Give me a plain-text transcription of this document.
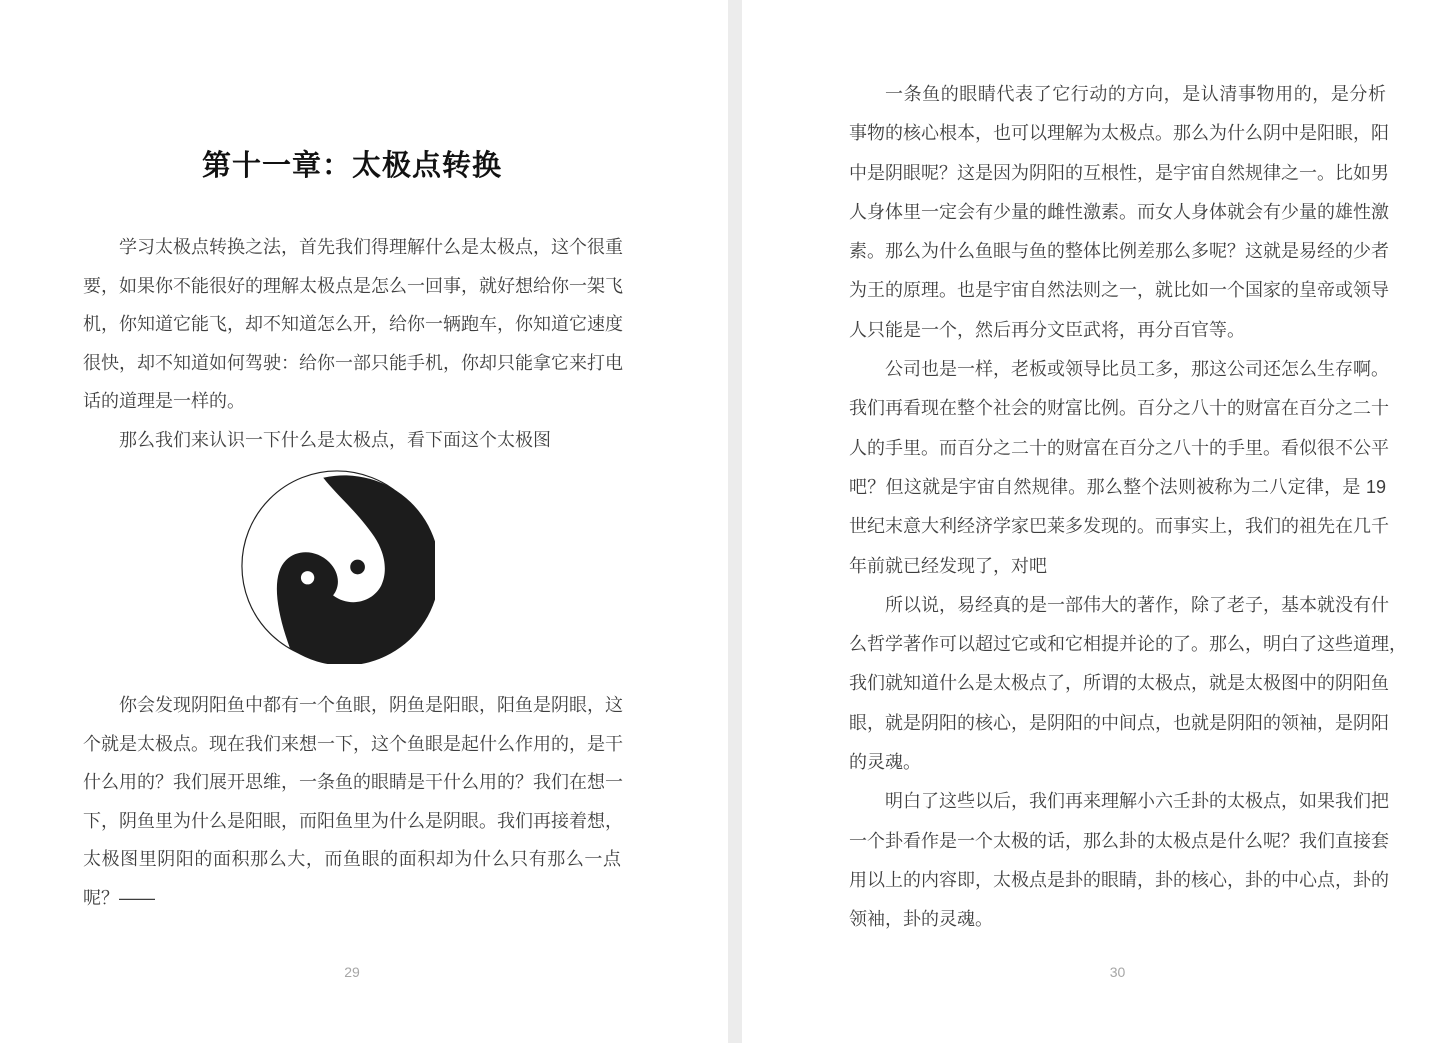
第十一章：太极点转换
学习太极点转换之法，首先我们得理解什么是太极点，这个很重
要，如果你不能很好的理解太极点是怎么一回事，就好想给你一架飞
机，你知道它能飞，却不知道怎么开，给你一辆跑车，你知道它速度
很快，却不知道如何驾驶：给你一部只能手机，你却只能拿它来打电
话的道理是一样的。
那么我们来认识一下什么是太极点，看下面这个太极图
你会发现阴阳鱼中都有一个鱼眼，阴鱼是阳眼，阳鱼是阴眼，这
个就是太极点。现在我们来想一下，这个鱼眼是起什么作用的，是干
什么用的？我们展开思维，一条鱼的眼睛是干什么用的？我们在想一
下，阴鱼里为什么是阳眼，而阳鱼里为什么是阴眼。我们再接着想，
太极图里阴阳的面积那么大，而鱼眼的面积却为什么只有那么一点
呢？——
29
一条鱼的眼睛代表了它行动的方向，是认清事物用的，是分析
事物的核心根本，也可以理解为太极点。那么为什么阴中是阳眼，阳
中是阴眼呢？这是因为阴阳的互根性，是宇宙自然规律之一。比如男
人身体里一定会有少量的雌性激素。而女人身体就会有少量的雄性激
素。那么为什么鱼眼与鱼的整体比例差那么多呢？这就是易经的少者
为王的原理。也是宇宙自然法则之一，就比如一个国家的皇帝或领导
人只能是一个，然后再分文臣武将，再分百官等。
公司也是一样，老板或领导比员工多，那这公司还怎么生存啊。
我们再看现在整个社会的财富比例。百分之八十的财富在百分之二十
人的手里。而百分之二十的财富在百分之八十的手里。看似很不公平
吧？但这就是宇宙自然规律。那么整个法则被称为二八定律，是 19
世纪末意大利经济学家巴莱多发现的。而事实上，我们的祖先在几千
年前就已经发现了，对吧
所以说，易经真的是一部伟大的著作，除了老子，基本就没有什
么哲学著作可以超过它或和它相提并论的了。那么，明白了这些道理，
我们就知道什么是太极点了，所谓的太极点，就是太极图中的阴阳鱼
眼，就是阴阳的核心，是阴阳的中间点，也就是阴阳的领袖，是阴阳
的灵魂。
明白了这些以后，我们再来理解小六壬卦的太极点，如果我们把
一个卦看作是一个太极的话，那么卦的太极点是什么呢？我们直接套
用以上的内容即，太极点是卦的眼睛，卦的核心，卦的中心点，卦的
领袖，卦的灵魂。
30
